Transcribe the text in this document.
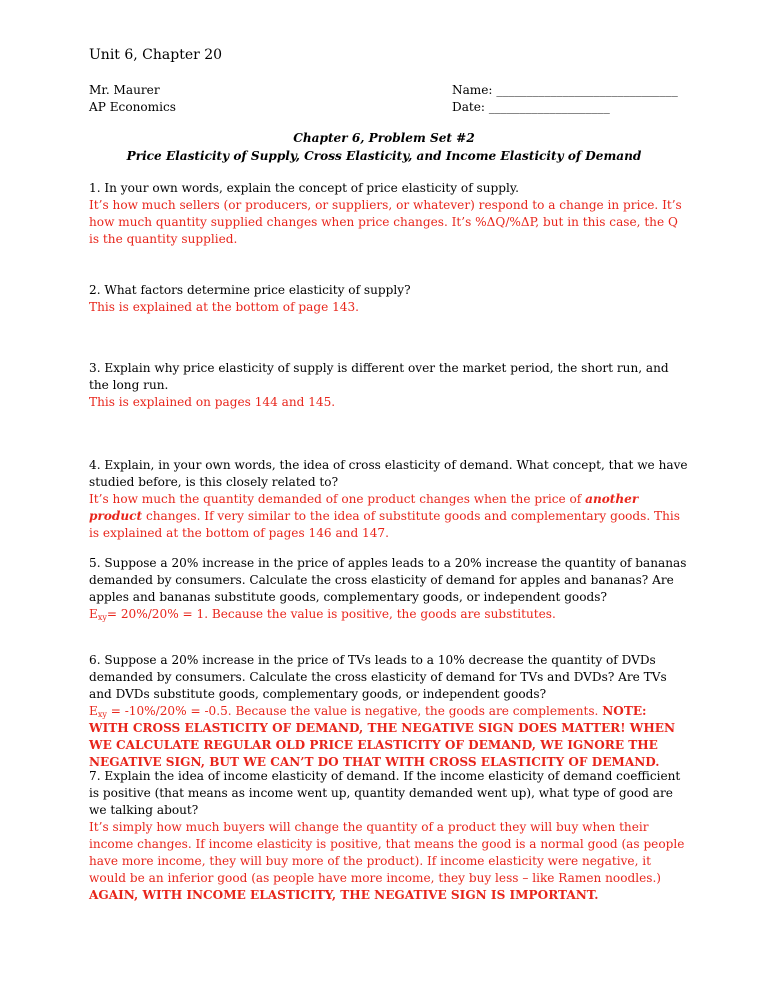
Unit 6, Chapter 20

Mr. Maurer

AP Economics

Name: ______________________________

Date: ____________________

Chapter 6, Problem Set #2

Price Elasticity of Supply, Cross Elasticity, and Income Elasticity of Demand

1. In your own words, explain the concept of price elasticity of supply.

It’s how much sellers (or producers, or suppliers, or whatever) respond to a change in price. It’s how much quantity supplied changes when price changes. It’s %ΔQ/%ΔP, but in this case, the Q is the quantity supplied.

2. What factors determine price elasticity of supply?

This is explained at the bottom of page 143.

3. Explain why price elasticity of supply is different over the market period, the short run, and the long run.

This is explained on pages 144 and 145.

4. Explain, in your own words, the idea of cross elasticity of demand. What concept, that we have studied before, is this closely related to?

It’s how much the quantity demanded of one product changes when the price of another product changes. If very similar to the idea of substitute goods and complementary goods. This is explained at the bottom of pages 146 and 147.

5. Suppose a 20% increase in the price of apples leads to a 20% increase the quantity of bananas demanded by consumers. Calculate the cross elasticity of demand for apples and bananas? Are apples and bananas substitute goods, complementary goods, or independent goods?

$E_{xy}= 20\%/20\% = 1$. Because the value is positive, the goods are substitutes.

6. Suppose a 20% increase in the price of TVs leads to a 10% decrease the quantity of DVDs demanded by consumers. Calculate the cross elasticity of demand for TVs and DVDs? Are TVs and DVDs substitute goods, complementary goods, or independent goods?

$E_{xy} = -10\%/20\% = -0.5$. Because the value is negative, the goods are complements. NOTE: WITH CROSS ELASTICITY OF DEMAND, THE NEGATIVE SIGN DOES MATTER! WHEN WE CALCULATE REGULAR OLD PRICE ELASTICITY OF DEMAND, WE IGNORE THE NEGATIVE SIGN, BUT WE CAN’T DO THAT WITH CROSS ELASTICITY OF DEMAND.

7. Explain the idea of income elasticity of demand. If the income elasticity of demand coefficient is positive (that means as income went up, quantity demanded went up), what type of good are we talking about?

It’s simply how much buyers will change the quantity of a product they will buy when their income changes. If income elasticity is positive, that means the good is a normal good (as people have more income, they will buy more of the product). If income elasticity were negative, it would be an inferior good (as people have more income, they buy less – like Ramen noodles.) AGAIN, WITH INCOME ELASTICITY, THE NEGATIVE SIGN IS IMPORTANT.
